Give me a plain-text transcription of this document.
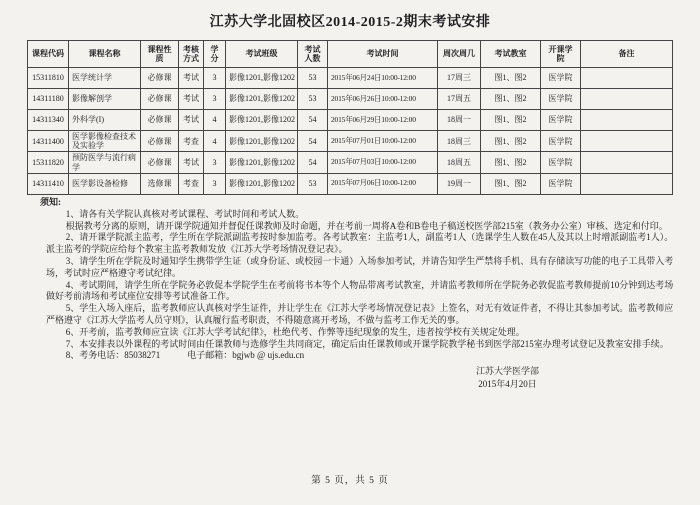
江苏大学北固校区2014-2015-2期末考试安排
课程代码	课程名称	课程性质	考核方式	学分	考试班级	考试人数	考试时间	周次周几	考试教室	开课学院	备注
15311810	医学统计学	必修课	考试	3	影像1201,影像1202	53	2015年06月24日10:00-12:00	17周三	图1、图2	医学院	
14311180	影像解剖学	必修课	考试	3	影像1201,影像1202	53	2015年06月26日10:00-12:00	17周五	图1、图2	医学院	
14311340	外科学(I)	必修课	考试	4	影像1201,影像1202	54	2015年06月29日10:00-12:00	18周一	图1、图2	医学院	
14311400	医学影像检查技术及实验学	必修课	考查	4	影像1201,影像1202	54	2015年07月01日10:00-12:00	18周三	图1、图2	医学院	
15311820	预防医学与流行病学	必修课	考试	3	影像1201,影像1202	54	2015年07月03日10:00-12:00	18周五	图1、图2	医学院	
14311410	医学影设备检修	选修课	考查	3	影像1201,影像1202	53	2015年07月06日10:00-12:00	19周一	图1、图2	医学院	
须知:

1、请各有关学院认真核对考试课程、考试时间和考试人数。

根据教考分离的原则，请开课学院通知并督促任课教师及时命题，并在考前一周将A卷和B卷电子稿送校医学部215室（教务办公室）审核、选定和付印。

2、请开课学院派主监考，学生所在学院派副监考按时参加监考。各考试教室：主监考1人，副监考1人（选课学生人数在45人及其以上时增派副监考1人）。派主监考的学院应给每个教室主监考教师发放《江苏大学考场情况登记表》。

3、请学生所在学院及时通知学生携带学生证（或身份证、或校园一卡通）入场参加考试，并请告知学生严禁将手机、具有存储读写功能的电子工具带入考场，考试时应严格遵守考试纪律。

4、考试期间，请学生所在学院务必敦促本学院学生在考前将书本等个人物品带离考试教室，并请监考教师所在学院务必敦促监考教师提前10分钟到达考场做好考前清场和考试座位安排等考试准备工作。

5、学生入场入座后，监考教师应认真核对学生证件，并让学生在《江苏大学考场情况登记表》上签名，对无有效证件者，不得让其参加考试。监考教师应严格遵守《江苏大学监考人员守则》，认真履行监考职责，不得随意离开考场，不做与监考工作无关的事。

6、开考前，监考教师应宣读《江苏大学考试纪律》，杜绝代考、作弊等违纪现象的发生，违者按学校有关规定处理。

7、本安排表以外课程的考试时间由任课教师与选修学生共同商定，确定后由任课教师或开课学院教学秘书到医学部215室办理考试登记及教室安排手续。

8、考务电话：85038271　　　电子邮箱：bgjwb @ ujs.edu.cn

江苏大学医学部
2015年4月20日
第 5 页，共 5 页
